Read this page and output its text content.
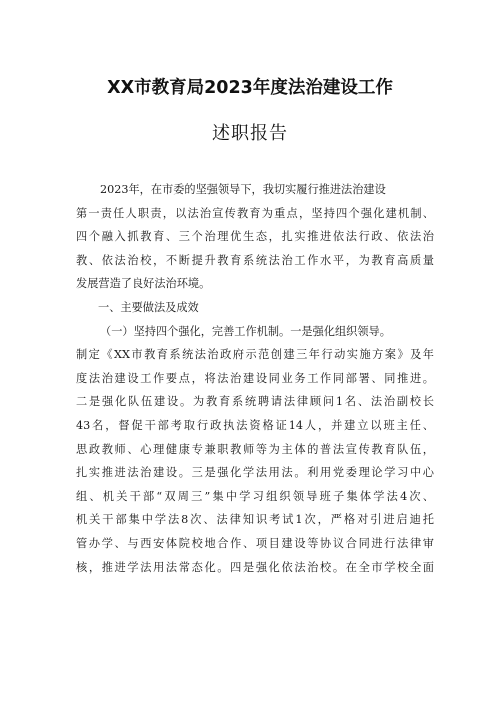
XX市教育局2023年度法治建设工作
述职报告
2023年，在市委的坚强领导下，我切实履行推进法治建设
第一责任人职责，以法治宣传教育为重点，坚持四个强化建机制、
四个融入抓教育、三个治理优生态，扎实推进依法行政、依法治
教、依法治校，不断提升教育系统法治工作水平，为教育高质量
发展营造了良好法治环境。
一、主要做法及成效
（一）坚持四个强化，完善工作机制。一是强化组织领导。
制定《XX市教育系统法治政府示范创建三年行动实施方案》及年
度法治建设工作要点，将法治建设同业务工作同部署、同推进。
二是强化队伍建设。为教育系统聘请法律顾问1名、法治副校长
43名，督促干部考取行政执法资格证14人，并建立以班主任、
思政教师、心理健康专兼职教师等为主体的普法宣传教育队伍，
扎实推进法治建设。三是强化学法用法。利用党委理论学习中心
组、机关干部“双周三”集中学习组织领导班子集体学法4次、
机关干部集中学法8次、法律知识考试1次，严格对引进启迪托
管办学、与西安体院校地合作、项目建设等协议合同进行法律审
核，推进学法用法常态化。四是强化依法治校。在全市学校全面
